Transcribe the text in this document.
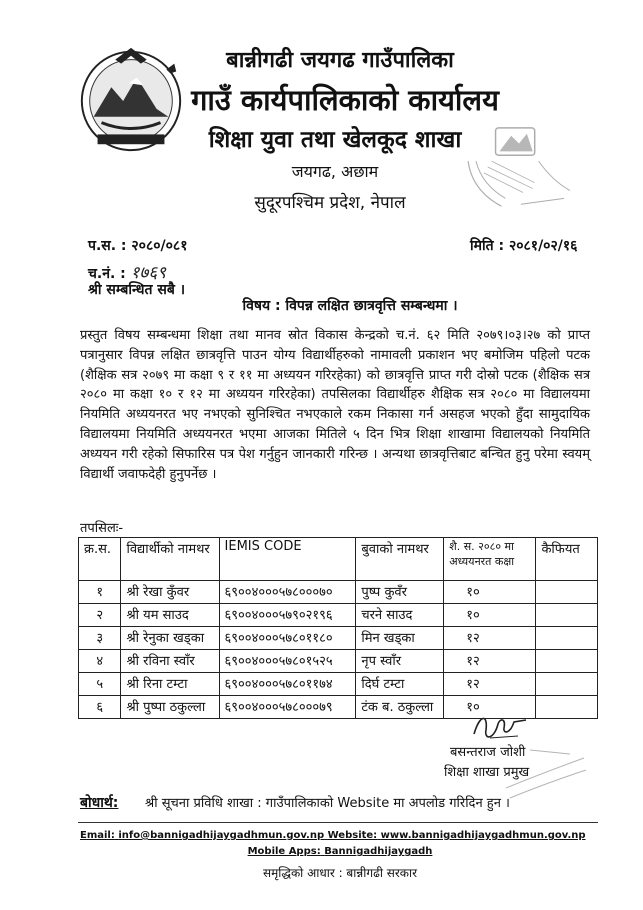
बान्नीगढी जयगढ गाउँपालिका
गाउँ कार्यपालिकाको कार्यालय
शिक्षा युवा तथा खेलकूद शाखा
जयगढ, अछाम
सुदूरपश्चिम प्रदेश, नेपाल
प.स. : २०८०/०८१	मिति : २०८१/०२/१६
च.नं. : १७६९
श्री सम्बन्धित सबै ।
विषय : विपन्न लक्षित छात्रवृत्ति सम्बन्धमा ।
प्रस्तुत विषय सम्बन्धमा शिक्षा तथा मानव स्रोत विकास केन्द्रको च.नं. ६२ मिति २०७९।०३।२७ को प्राप्त पत्रानुसार विपन्न लक्षित छात्रवृत्ति पाउन योग्य विद्यार्थीहरुको नामावली प्रकाशन भए बमोजिम पहिलो पटक (शैक्षिक सत्र २०७९ मा कक्षा ९ र ११ मा अध्ययन गरिरहेका) को छात्रवृत्ति प्राप्त गरी दोस्रो पटक (शैक्षिक सत्र २०८० मा कक्षा १० र १२ मा अध्ययन गरिरहेका) तपसिलका विद्यार्थीहरु शैक्षिक सत्र २०८० मा विद्यालयमा नियमिति अध्ययनरत भए नभएको सुनिश्चित नभएकाले रकम निकासा गर्न असहज भएको हुँदा सामुदायिक विद्यालयमा नियमिति अध्ययनरत भएमा आजका मितिले ५ दिन भित्र शिक्षा शाखामा विद्यालयको नियमिति अध्ययन गरी रहेको सिफारिस पत्र पेश गर्नुहुन जानकारी गरिन्छ । अन्यथा छात्रवृत्तिबाट बन्चित हुनु परेमा स्वयम् विद्यार्थी जवाफदेही हुनुपर्नेछ ।
तपसिलः-
क्र.स.	विद्यार्थीको नामथर	IEMIS CODE	बुवाको नामथर	शै. स. २०८० मा अध्ययनरत कक्षा	कैफियत
१	श्री रेखा कुँवर	६९००४०००५७८०००७०	पुष्प कुवँर	१०	
२	श्री यम साउद	६९००४०००५७९०२१९६	चरने साउद	१०	
३	श्री रेनुका खड्का	६९००४०००५७८०११८०	मिन खड्का	१२	
४	श्री रविना स्वाँर	६९००४०००५७८०१५२५	नृप स्वाँर	१२	
५	श्री रिना टम्टा	६९००४०००५७८०११७४	दिर्घ टम्टा	१२	
६	श्री पुष्पा ठकुल्ला	६९००४०००५७८०००७९	टंक ब. ठकुल्ला	१०	
बसन्तराज जोशी
शिक्षा शाखा प्रमुख
बोधार्थ: श्री सूचना प्रविधि शाखा : गाउँपालिकाको Website मा अपलोड गरिदिन हुन ।
Email: info@bannigadhijaygadhmun.gov.np Website: www.bannigadhijaygadhmun.gov.np
Mobile Apps: Bannigadhijaygadh
समृद्धिको आधार : बान्नीगढी सरकार
